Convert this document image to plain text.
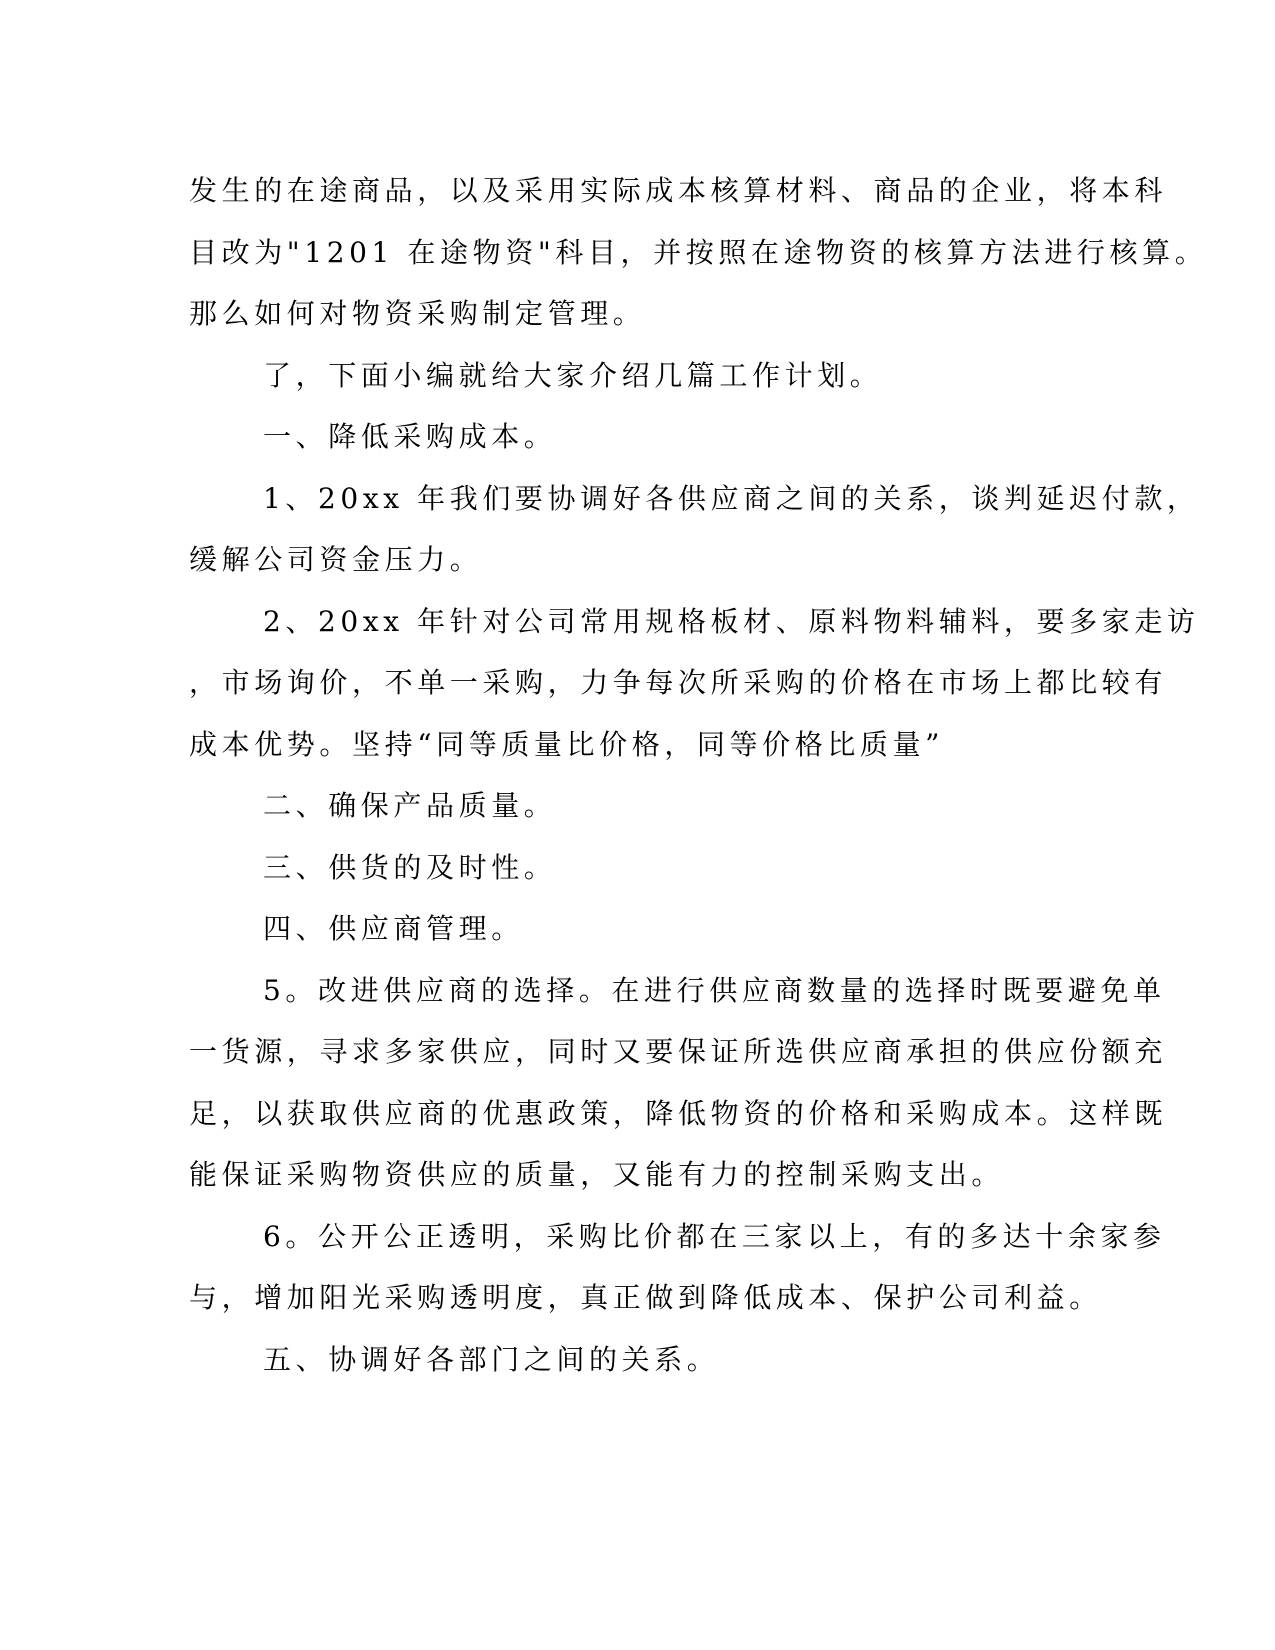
发生的在途商品，以及采用实际成本核算材料、商品的企业，将本科
目改为"1201 在途物资"科目，并按照在途物资的核算方法进行核算。
那么如何对物资采购制定管理。
了，下面小编就给大家介绍几篇工作计划。
一、降低采购成本。
1、20xx 年我们要协调好各供应商之间的关系，谈判延迟付款，
缓解公司资金压力。
2、20xx 年针对公司常用规格板材、原料物料辅料，要多家走访
，市场询价，不单一采购，力争每次所采购的价格在市场上都比较有
成本优势。坚持“同等质量比价格，同等价格比质量”
二、确保产品质量。
三、供货的及时性。
四、供应商管理。
5。改进供应商的选择。在进行供应商数量的选择时既要避免单
一货源，寻求多家供应，同时又要保证所选供应商承担的供应份额充
足，以获取供应商的优惠政策，降低物资的价格和采购成本。这样既
能保证采购物资供应的质量，又能有力的控制采购支出。
6。公开公正透明，采购比价都在三家以上，有的多达十余家参
与，增加阳光采购透明度，真正做到降低成本、保护公司利益。
五、协调好各部门之间的关系。
